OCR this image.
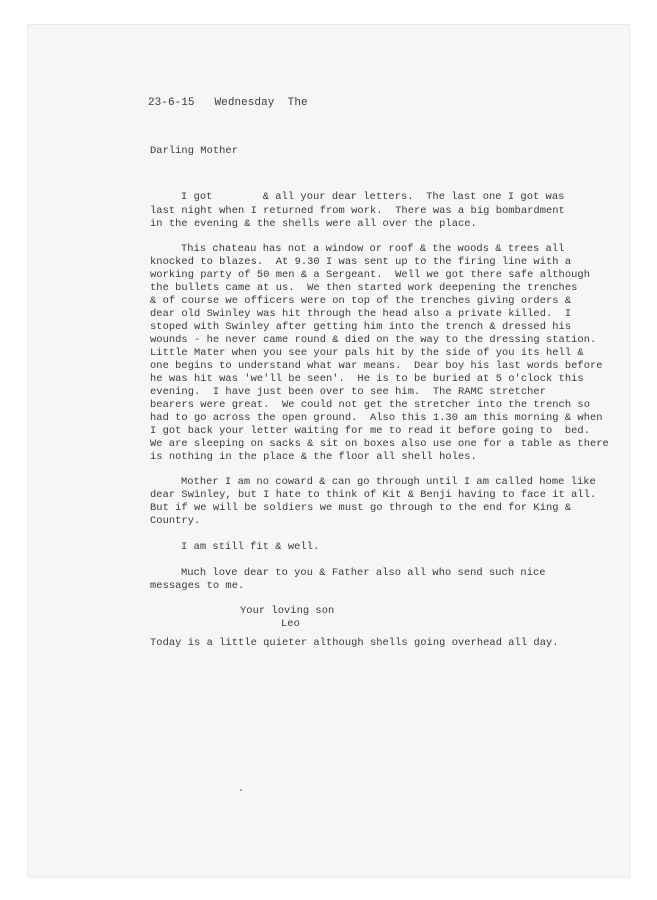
23-6-15   Wednesday  The

Darling Mother

I got        & all your dear letters.  The last one I got was

last night when I returned from work.  There was a big bombardment

in the evening & the shells were all over the place.

This chateau has not a window or roof & the woods & trees all

knocked to blazes.  At 9.30 I was sent up to the firing line with a

working party of 50 men & a Sergeant.  Well we got there safe although

the bullets came at us.  We then started work deepening the trenches

& of course we officers were on top of the trenches giving orders &

dear old Swinley was hit through the head also a private killed.  I

stoped with Swinley after getting him into the trench & dressed his

wounds - he never came round & died on the way to the dressing station.

Little Mater when you see your pals hit by the side of you its hell &

one begins to understand what war means.  Dear boy his last words before

he was hit was 'we'll be seen'.  He is to be buried at 5 o'clock this

evening.  I have just been over to see him.  The RAMC stretcher

bearers were great.  We could not get the stretcher into the trench so

had to go across the open ground.  Also this 1.30 am this morning & when

I got back your letter waiting for me to read it before going to  bed.

We are sleeping on sacks & sit on boxes also use one for a table as there

is nothing in the place & the floor all shell holes.

Mother I am no coward & can go through until I am called home like

dear Swinley, but I hate to think of Kit & Benji having to face it all.

But if we will be soldiers we must go through to the end for King &

Country.

I am still fit & well.

Much love dear to you & Father also all who send such nice

messages to me.

Your loving son

Leo

Today is a little quieter although shells going overhead all day.
